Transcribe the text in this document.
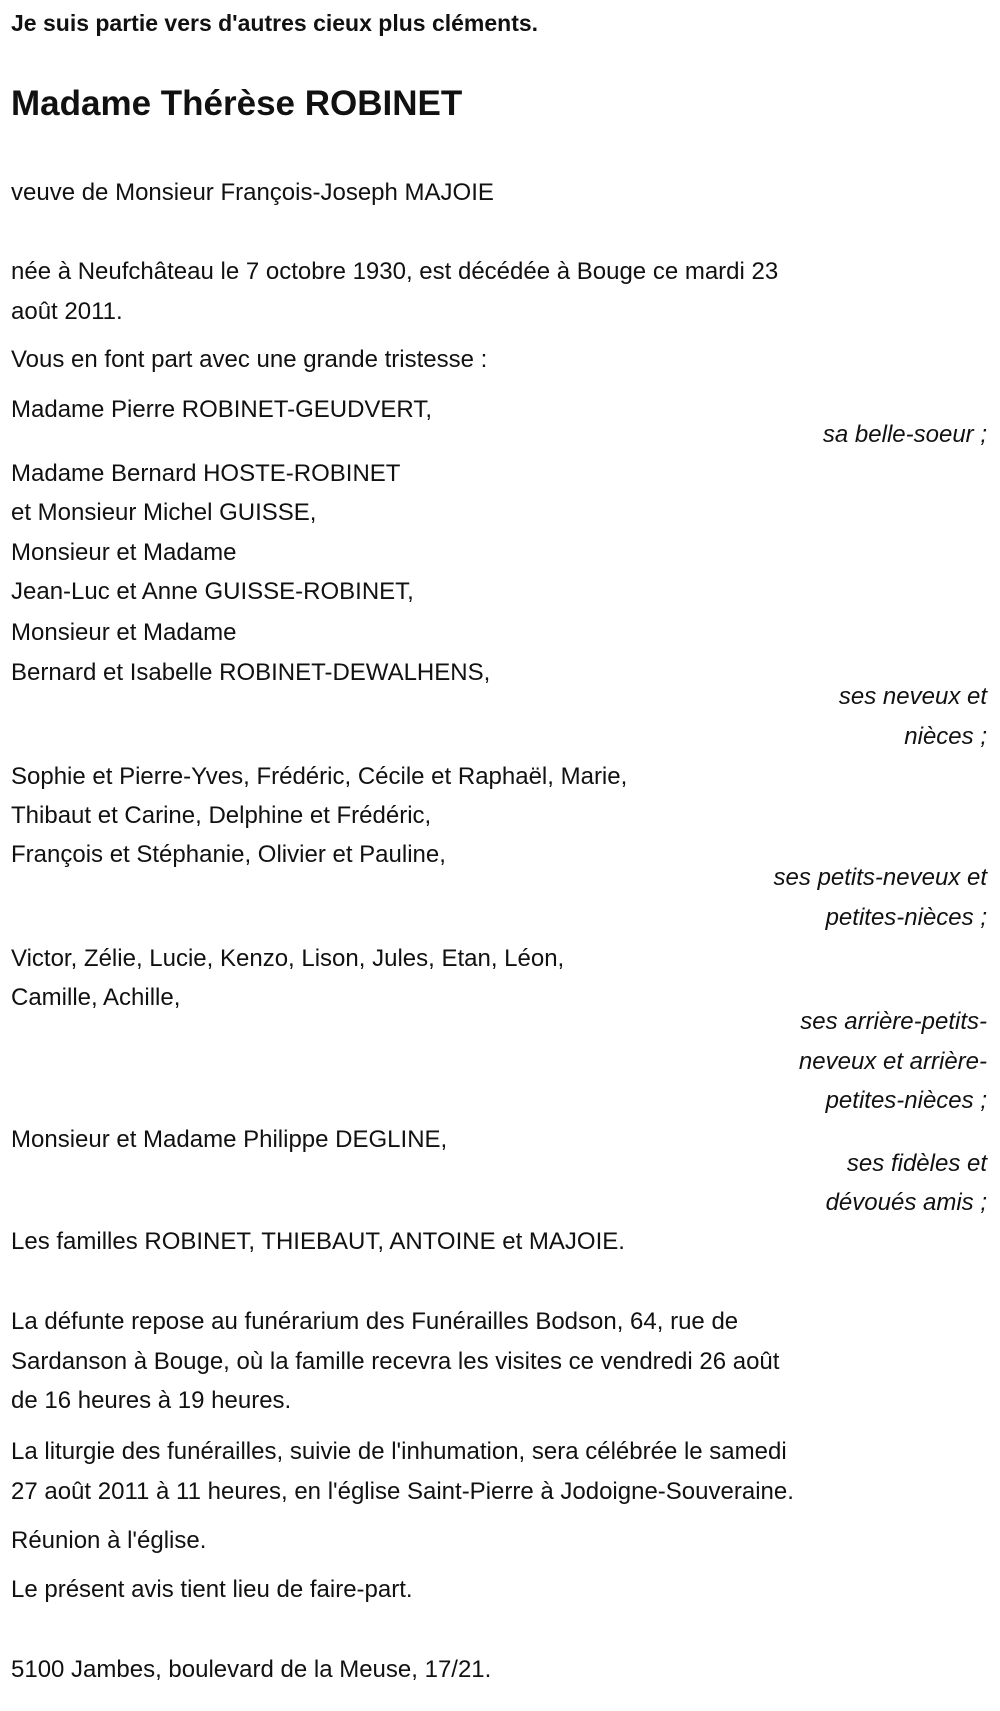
Je suis partie vers d'autres cieux plus cléments.
Madame Thérèse ROBINET
veuve de Monsieur François-Joseph MAJOIE
née à Neufchâteau le 7 octobre 1930, est décédée à Bouge ce mardi 23
août 2011.
Vous en font part avec une grande tristesse :
Madame Pierre ROBINET-GEUDVERT,
sa belle-soeur ;
Madame Bernard HOSTE-ROBINET
et Monsieur Michel GUISSE,
Monsieur et Madame
Jean-Luc et Anne GUISSE-ROBINET,
Monsieur et Madame
Bernard et Isabelle ROBINET-DEWALHENS,
ses neveux et
nièces ;
Sophie et Pierre-Yves, Frédéric, Cécile et Raphaël, Marie,
Thibaut et Carine, Delphine et Frédéric,
François et Stéphanie, Olivier et Pauline,
ses petits-neveux et
petites-nièces ;
Victor, Zélie, Lucie, Kenzo, Lison, Jules, Etan, Léon,
Camille, Achille,
ses arrière-petits-
neveux et arrière-
petites-nièces ;
Monsieur et Madame Philippe DEGLINE,
ses fidèles et
dévoués amis ;
Les familles ROBINET, THIEBAUT, ANTOINE et MAJOIE.
La défunte repose au funérarium des Funérailles Bodson, 64, rue de
Sardanson à Bouge, où la famille recevra les visites ce vendredi 26 août
de 16 heures à 19 heures.
La liturgie des funérailles, suivie de l'inhumation, sera célébrée le samedi
27 août 2011 à 11 heures, en l'église Saint-Pierre à Jodoigne-Souveraine.
Réunion à l'église.
Le présent avis tient lieu de faire-part.
5100 Jambes, boulevard de la Meuse, 17/21.
